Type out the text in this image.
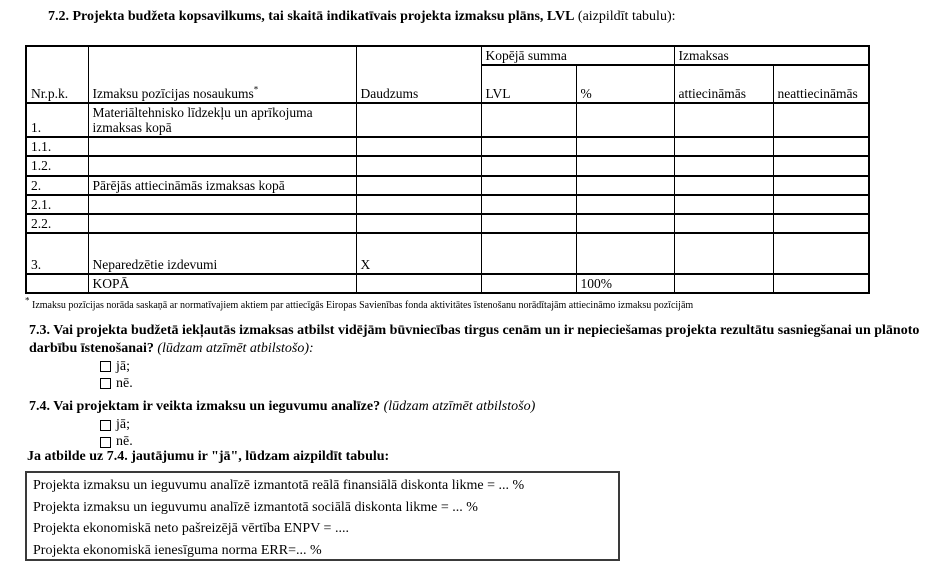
7.2. Projekta budžeta kopsavilkums, tai skaitā indikatīvais projekta izmaksu plāns, LVL (aizpildīt tabulu):
Nr.p.k.	Izmaksu pozīcijas nosaukums*	Daudzums	Kopējā summa		Izmaksas	
			LVL	%	attiecināmās	neattiecināmās
1.	Materiāltehnisko līdzekļu un aprīkojuma izmaksas kopā					
1.1.						
1.2.						
2.	Pārējās attiecināmās izmaksas kopā					
2.1.						
2.2.						
3.	Neparedzētie izdevumi	X				
	KOPĀ			100%		
* Izmaksu pozīcijas norāda saskaņā ar normatīvajiem aktiem par attiecīgās Eiropas Savienības fonda aktivitātes īstenošanu norādītajām attiecināmo izmaksu pozīcijām
7.3. Vai projekta budžetā iekļautās izmaksas atbilst vidējām būvniecības tirgus cenām un ir nepieciešamas projekta rezultātu sasniegšanai un plānoto darbību īstenošanai? (lūdzam atzīmēt atbilstošo):
jā;
nē.
7.4. Vai projektam ir veikta izmaksu un ieguvumu analīze? (lūdzam atzīmēt atbilstošo)
jā;
nē.
Ja atbilde uz 7.4. jautājumu ir "jā", lūdzam aizpildīt tabulu:
Projekta izmaksu un ieguvumu analīzē izmantotā reālā finansiālā diskonta likme = ... %
Projekta izmaksu un ieguvumu analīzē izmantotā sociālā diskonta likme = ... %
Projekta ekonomiskā neto pašreizējā vērtība ENPV = ....
Projekta ekonomiskā ienesīguma norma ERR=... %
